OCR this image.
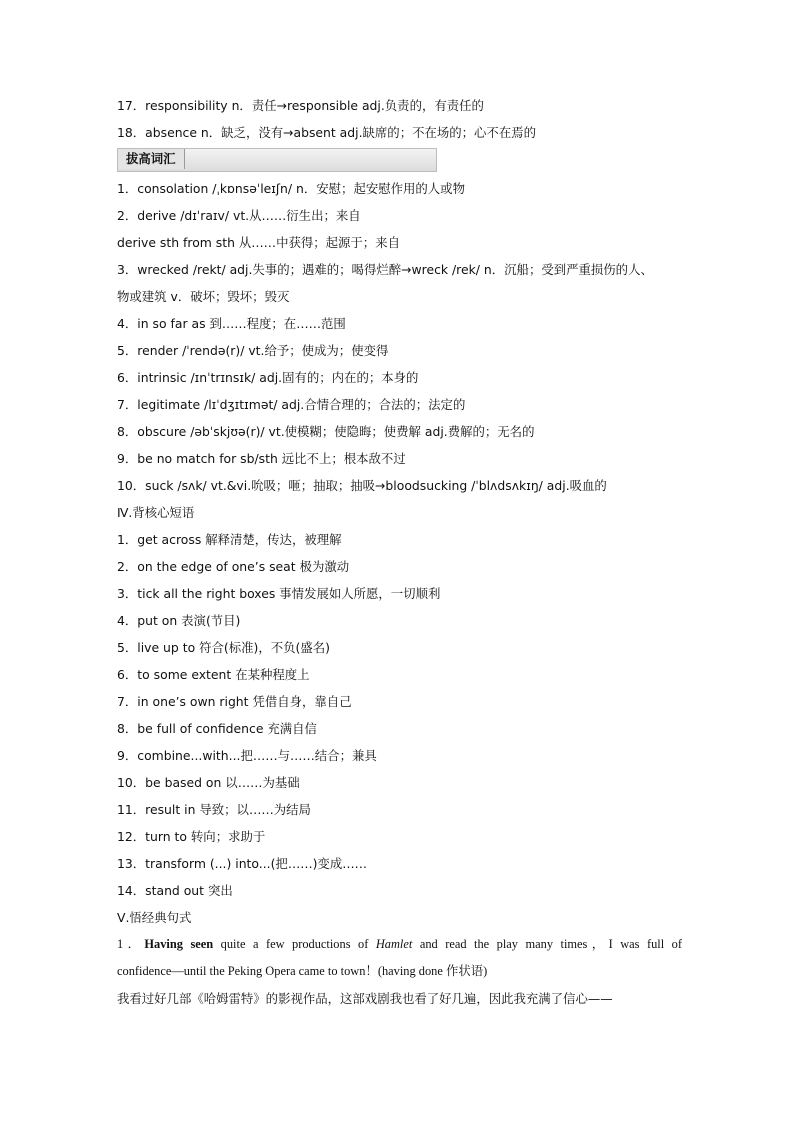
17．responsibility n．责任→responsible adj.负责的，有责任的
18．absence n．缺乏，没有→absent adj.缺席的；不在场的；心不在焉的
拔高词汇
1．consolation /ˌkɒnsəˈleɪʃn/ n．安慰；起安慰作用的人或物
2．derive /dɪˈraɪv/ vt.从……衍生出；来自
derive sth from sth 从……中获得；起源于；来自
3．wrecked /rekt/ adj.失事的；遇难的；喝得烂醉→wreck /rek/ n．沉船；受到严重损伤的人、
物或建筑 v．破坏；毁坏；毁灭
4．in so far as 到……程度；在……范围
5．render /ˈrendə(r)/ vt.给予；使成为；使变得
6．intrinsic /ɪnˈtrɪnsɪk/ adj.固有的；内在的；本身的
7．legitimate /lɪˈdʒɪtɪmət/ adj.合情合理的；合法的；法定的
8．obscure /əbˈskjʊə(r)/ vt.使模糊；使隐晦；使费解 adj.费解的；无名的
9．be no match for sb/sth 远比不上；根本敌不过
10．suck /sʌk/ vt.&vi.吮吸；咂；抽取；抽吸→bloodsucking /ˈblʌdsʌkɪŋ/ adj.吸血的
Ⅳ.背核心短语
1．get across 解释清楚，传达，被理解
2．on the edge of one’s seat 极为激动
3．tick all the right boxes 事情发展如人所愿，一切顺利
4．put on 表演(节目)
5．live up to 符合(标准)，不负(盛名)
6．to some extent 在某种程度上
7．in one’s own right 凭借自身，靠自己
8．be full of confidence 充满自信
9．combine...with...把……与……结合；兼具
10．be based on 以……为基础
11．result in 导致；以……为结局
12．turn to 转向；求助于
13．transform (...) into...(把……)变成……
14．stand out 突出
Ⅴ.悟经典句式
1．Having seen quite a few productions of Hamlet and read the play many times，I was full of
confidence—until the Peking Opera came to town！(having done 作状语)
我看过好几部《哈姆雷特》的影视作品，这部戏剧我也看了好几遍，因此我充满了信心——
